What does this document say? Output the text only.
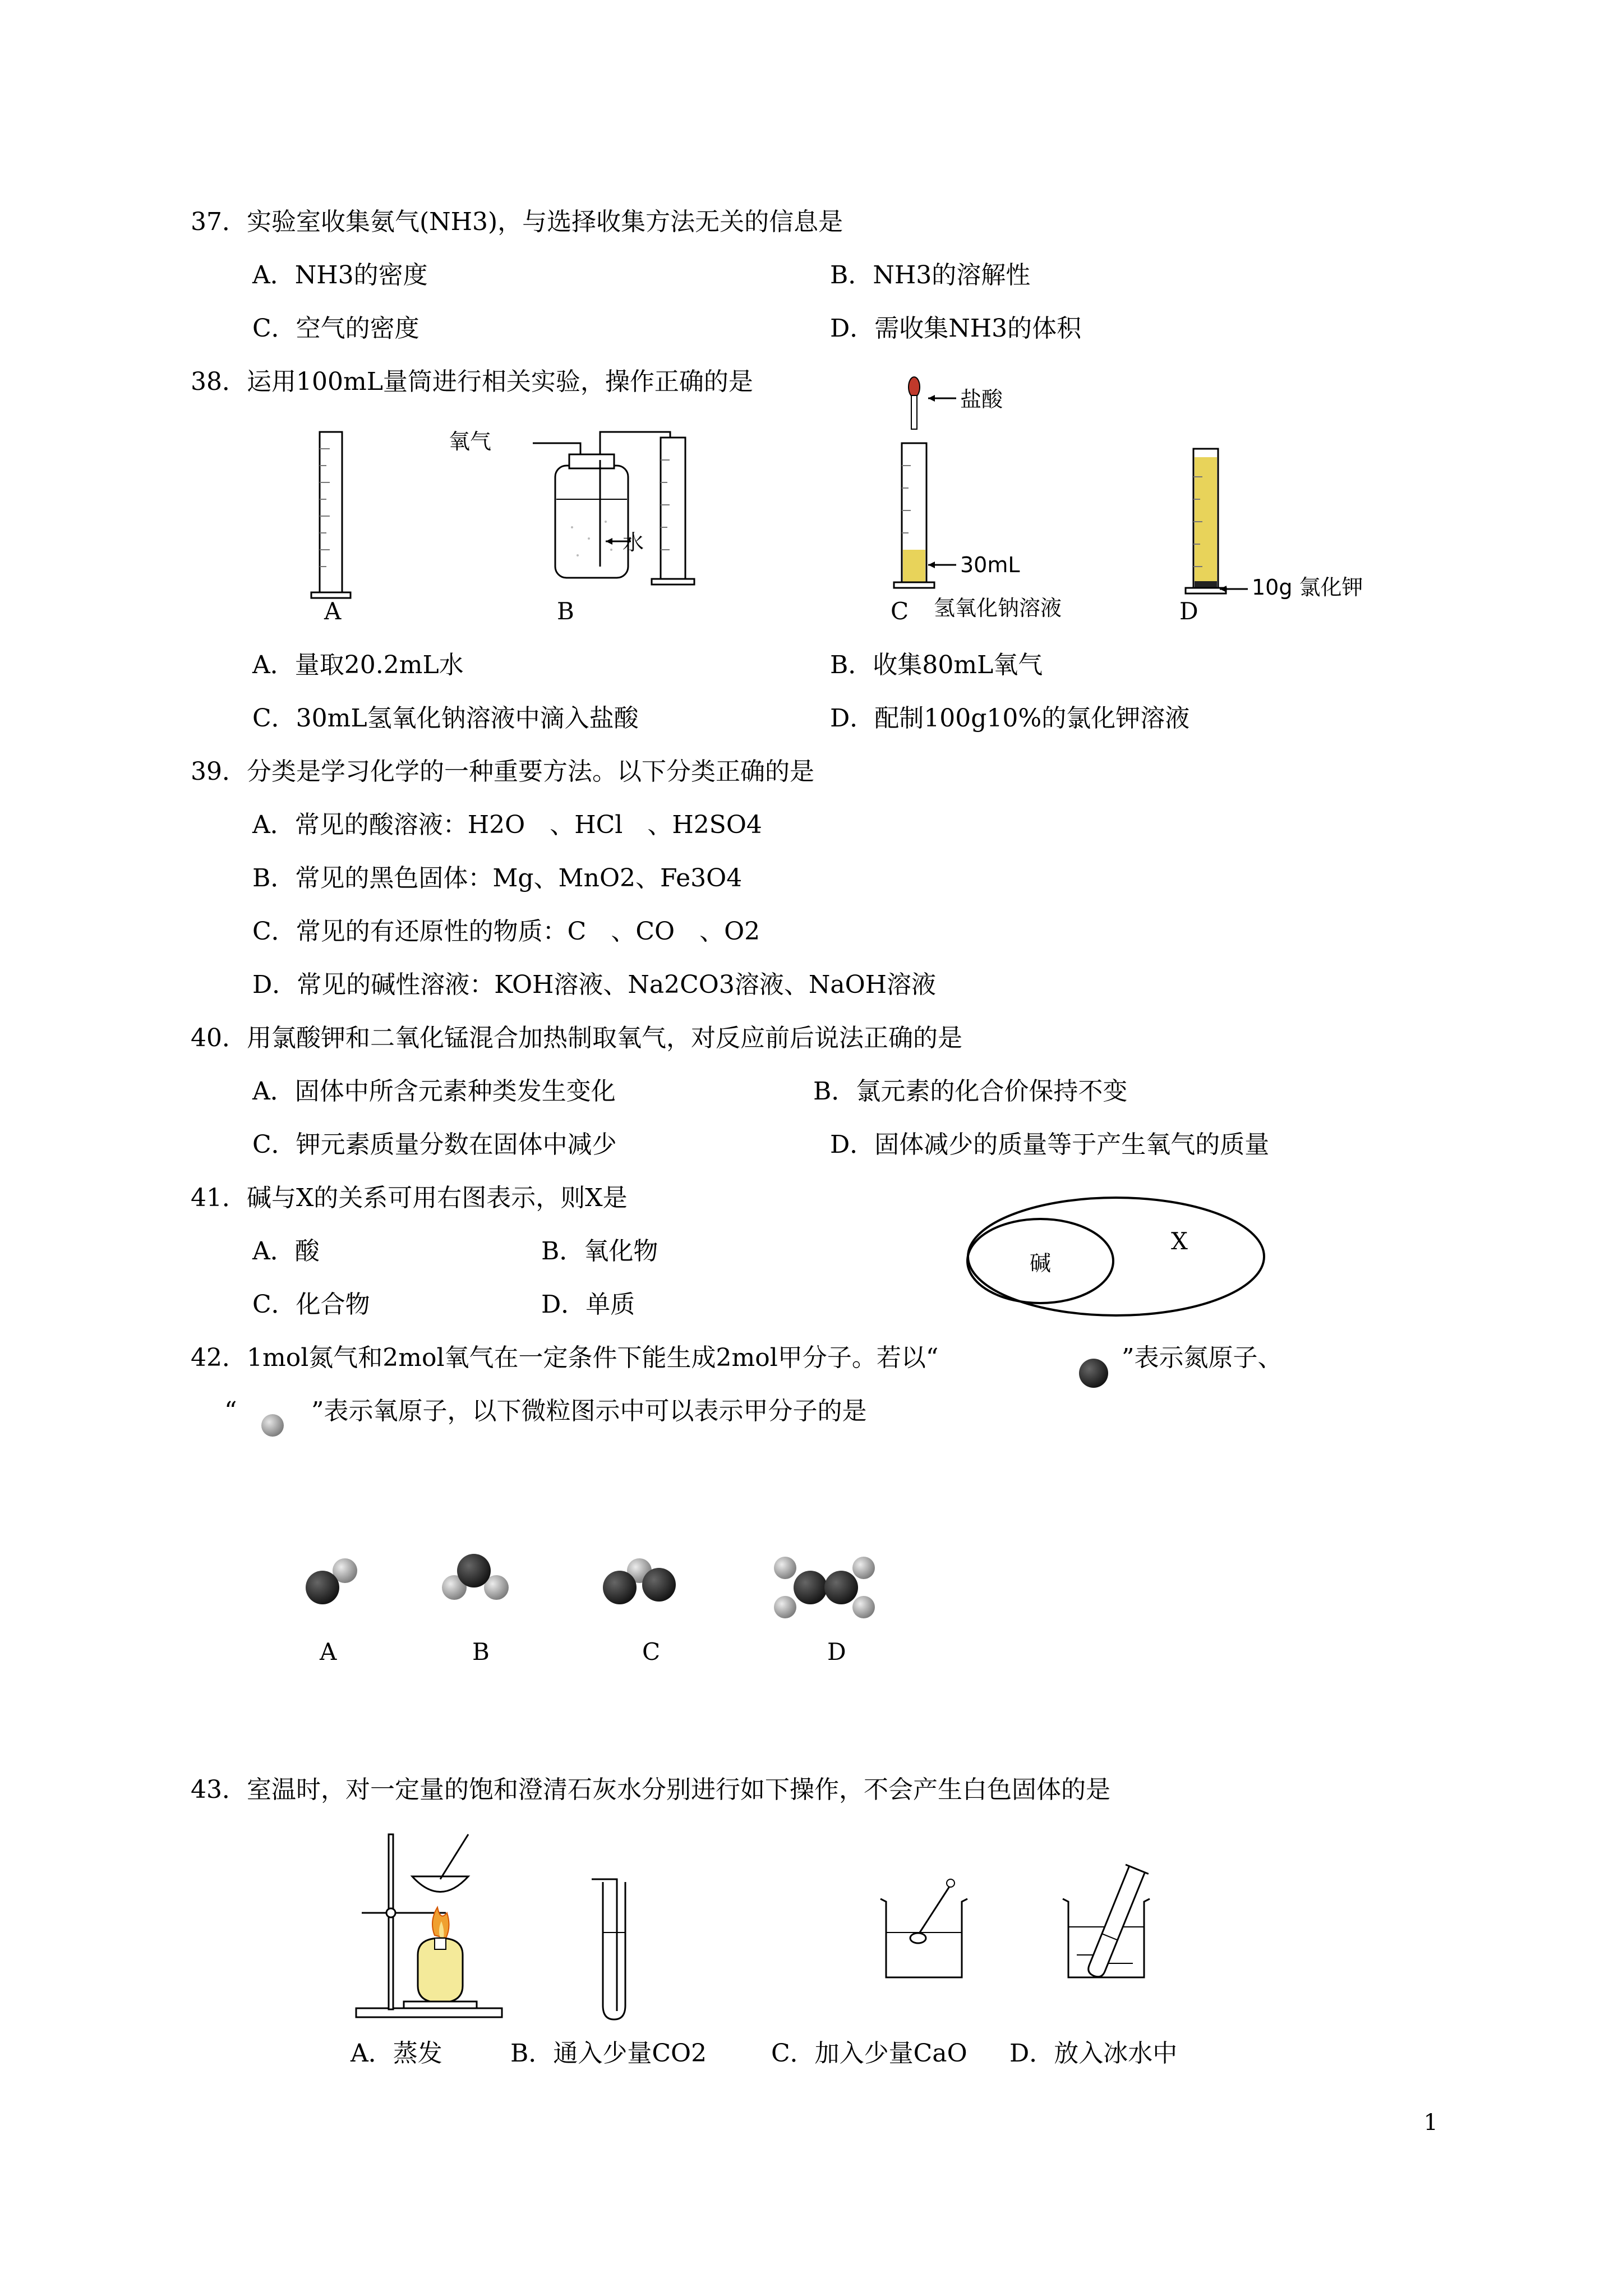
37．实验室收集氨气(NH3)，与选择收集方法无关的信息是
A．NH3的密度	B．NH3的溶解性
C．空气的密度	D．需收集NH3的体积
38．运用100mL量筒进行相关实验，操作正确的是
A
氧气
水
B
盐酸
30mL
C 氢氧化钠溶液
10g 氯化钾
D
A．量取20.2mL水	B．收集80mL氧气
C．30mL氢氧化钠溶液中滴入盐酸	D．配制100g10%的氯化钾溶液
39．分类是学习化学的一种重要方法。以下分类正确的是
A．常见的酸溶液：H2O　、HCl　、H2SO4
B．常见的黑色固体：Mg、MnO2、Fe3O4
C．常见的有还原性的物质：C　、CO　、O2
D．常见的碱性溶液：KOH溶液、Na2CO3溶液、NaOH溶液
40．用氯酸钾和二氧化锰混合加热制取氧气，对反应前后说法正确的是
A．固体中所含元素种类发生变化	B．氯元素的化合价保持不变
C．钾元素质量分数在固体中减少	D．固体减少的质量等于产生氧气的质量
41．碱与X的关系可用右图表示，则X是
A．酸	B．氧化物
C．化合物	D．单质
碱
X
42．1mol氮气和2mol氧气在一定条件下能生成2mol甲分子。若以“	”表示氮原子、
“	”表示氧原子，以下微粒图示中可以表示甲分子的是
A	B	C	D
43．室温时，对一定量的饱和澄清石灰水分别进行如下操作，不会产生白色固体的是
A．蒸发	B．通入少量CO2	C．加入少量CaO D．放入冰水中
1
